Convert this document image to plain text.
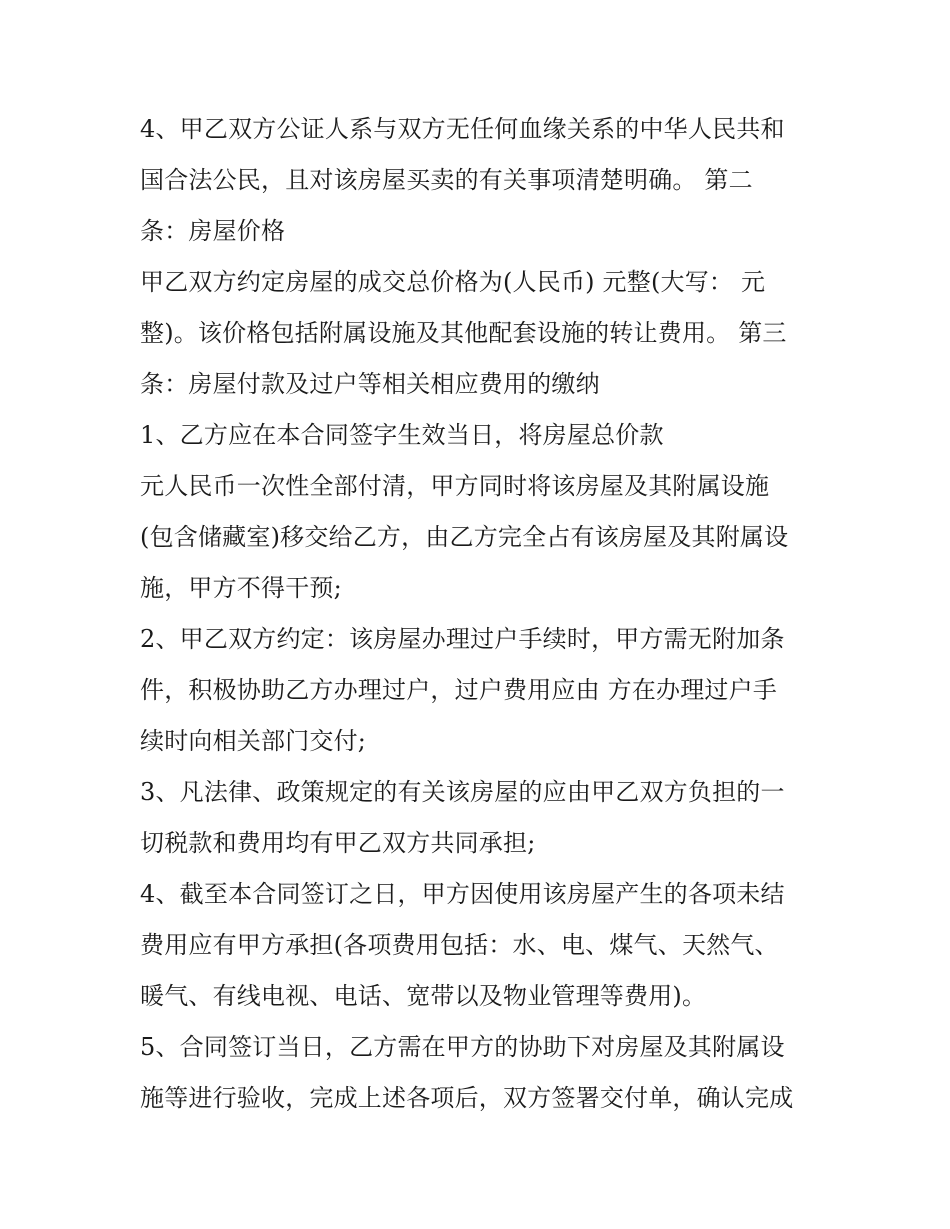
4、甲乙双方公证人系与双方无任何血缘关系的中华人民共和
国合法公民，且对该房屋买卖的有关事项清楚明确。 第二
条：房屋价格
甲乙双方约定房屋的成交总价格为(人民币) 元整(大写： 元
整)。该价格包括附属设施及其他配套设施的转让费用。 第三
条：房屋付款及过户等相关相应费用的缴纳
1、乙方应在本合同签字生效当日，将房屋总价款
元人民币一次性全部付清，甲方同时将该房屋及其附属设施
(包含储藏室)移交给乙方，由乙方完全占有该房屋及其附属设
施，甲方不得干预;
2、甲乙双方约定：该房屋办理过户手续时，甲方需无附加条
件，积极协助乙方办理过户，过户费用应由 方在办理过户手
续时向相关部门交付;
3、凡法律、政策规定的有关该房屋的应由甲乙双方负担的一
切税款和费用均有甲乙双方共同承担;
4、截至本合同签订之日，甲方因使用该房屋产生的各项未结
费用应有甲方承担(各项费用包括：水、电、煤气、天然气、
暖气、有线电视、电话、宽带以及物业管理等费用)。
5、合同签订当日，乙方需在甲方的协助下对房屋及其附属设
施等进行验收，完成上述各项后，双方签署交付单，确认完成
